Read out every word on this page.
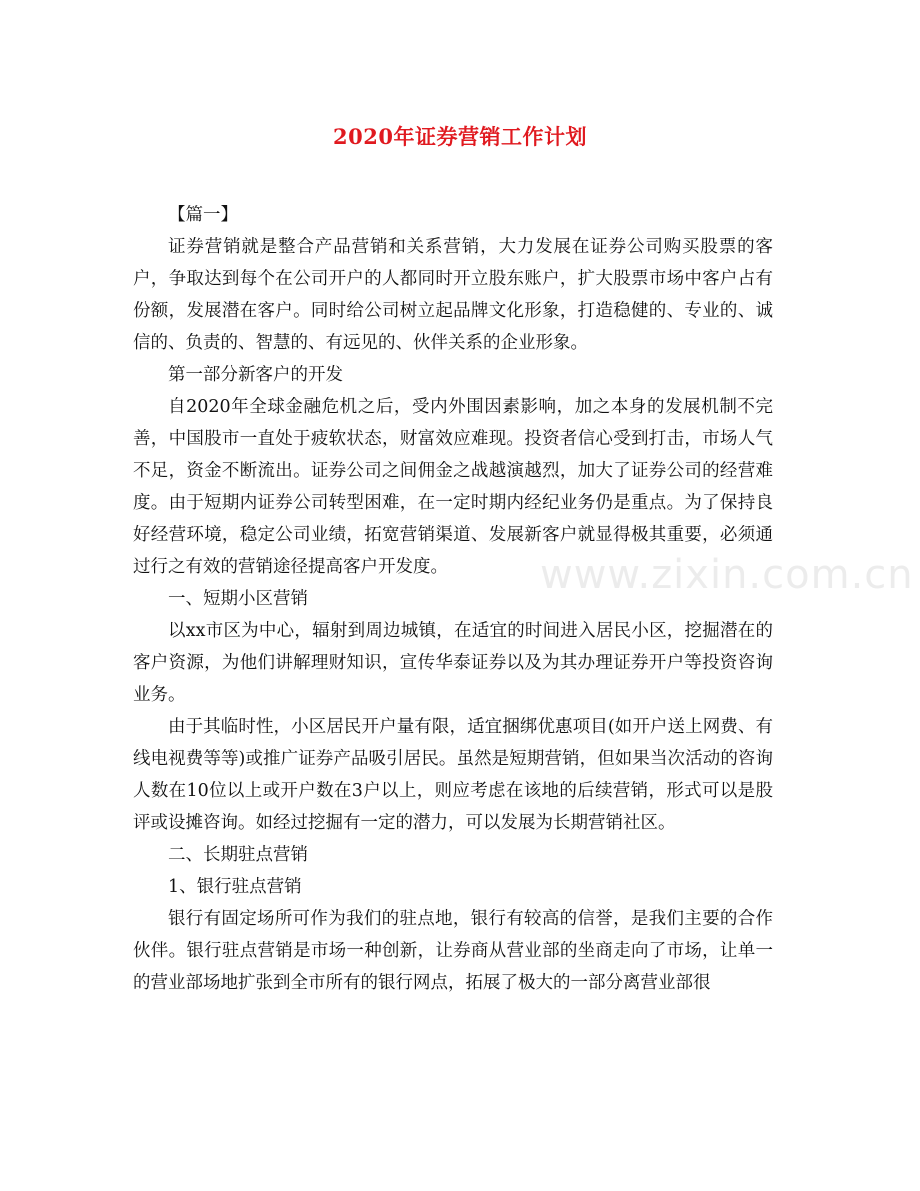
2020年证券营销工作计划

【篇一】

证券营销就是整合产品营销和关系营销，大力发展在证券公司购买股票的客户，争取达到每个在公司开户的人都同时开立股东账户，扩大股票市场中客户占有份额，发展潜在客户。同时给公司树立起品牌文化形象，打造稳健的、专业的、诚信的、负责的、智慧的、有远见的、伙伴关系的企业形象。

第一部分新客户的开发

自2020年全球金融危机之后，受内外围因素影响，加之本身的发展机制不完善，中国股市一直处于疲软状态，财富效应难现。投资者信心受到打击，市场人气不足，资金不断流出。证券公司之间佣金之战越演越烈，加大了证券公司的经营难度。由于短期内证券公司转型困难，在一定时期内经纪业务仍是重点。为了保持良好经营环境，稳定公司业绩，拓宽营销渠道、发展新客户就显得极其重要，必须通过行之有效的营销途径提高客户开发度。

一、短期小区营销

以xx市区为中心，辐射到周边城镇，在适宜的时间进入居民小区，挖掘潜在的客户资源，为他们讲解理财知识，宣传华泰证券以及为其办理证券开户等投资咨询业务。

由于其临时性，小区居民开户量有限，适宜捆绑优惠项目(如开户送上网费、有线电视费等等)或推广证券产品吸引居民。虽然是短期营销，但如果当次活动的咨询人数在10位以上或开户数在3户以上，则应考虑在该地的后续营销，形式可以是股评或设摊咨询。如经过挖掘有一定的潜力，可以发展为长期营销社区。

二、长期驻点营销

1、银行驻点营销

银行有固定场所可作为我们的驻点地，银行有较高的信誉，是我们主要的合作伙伴。银行驻点营销是市场一种创新，让券商从营业部的坐商走向了市场，让单一的营业部场地扩张到全市所有的银行网点，拓展了极大的一部分离营业部很

www.zixin.com.cn
